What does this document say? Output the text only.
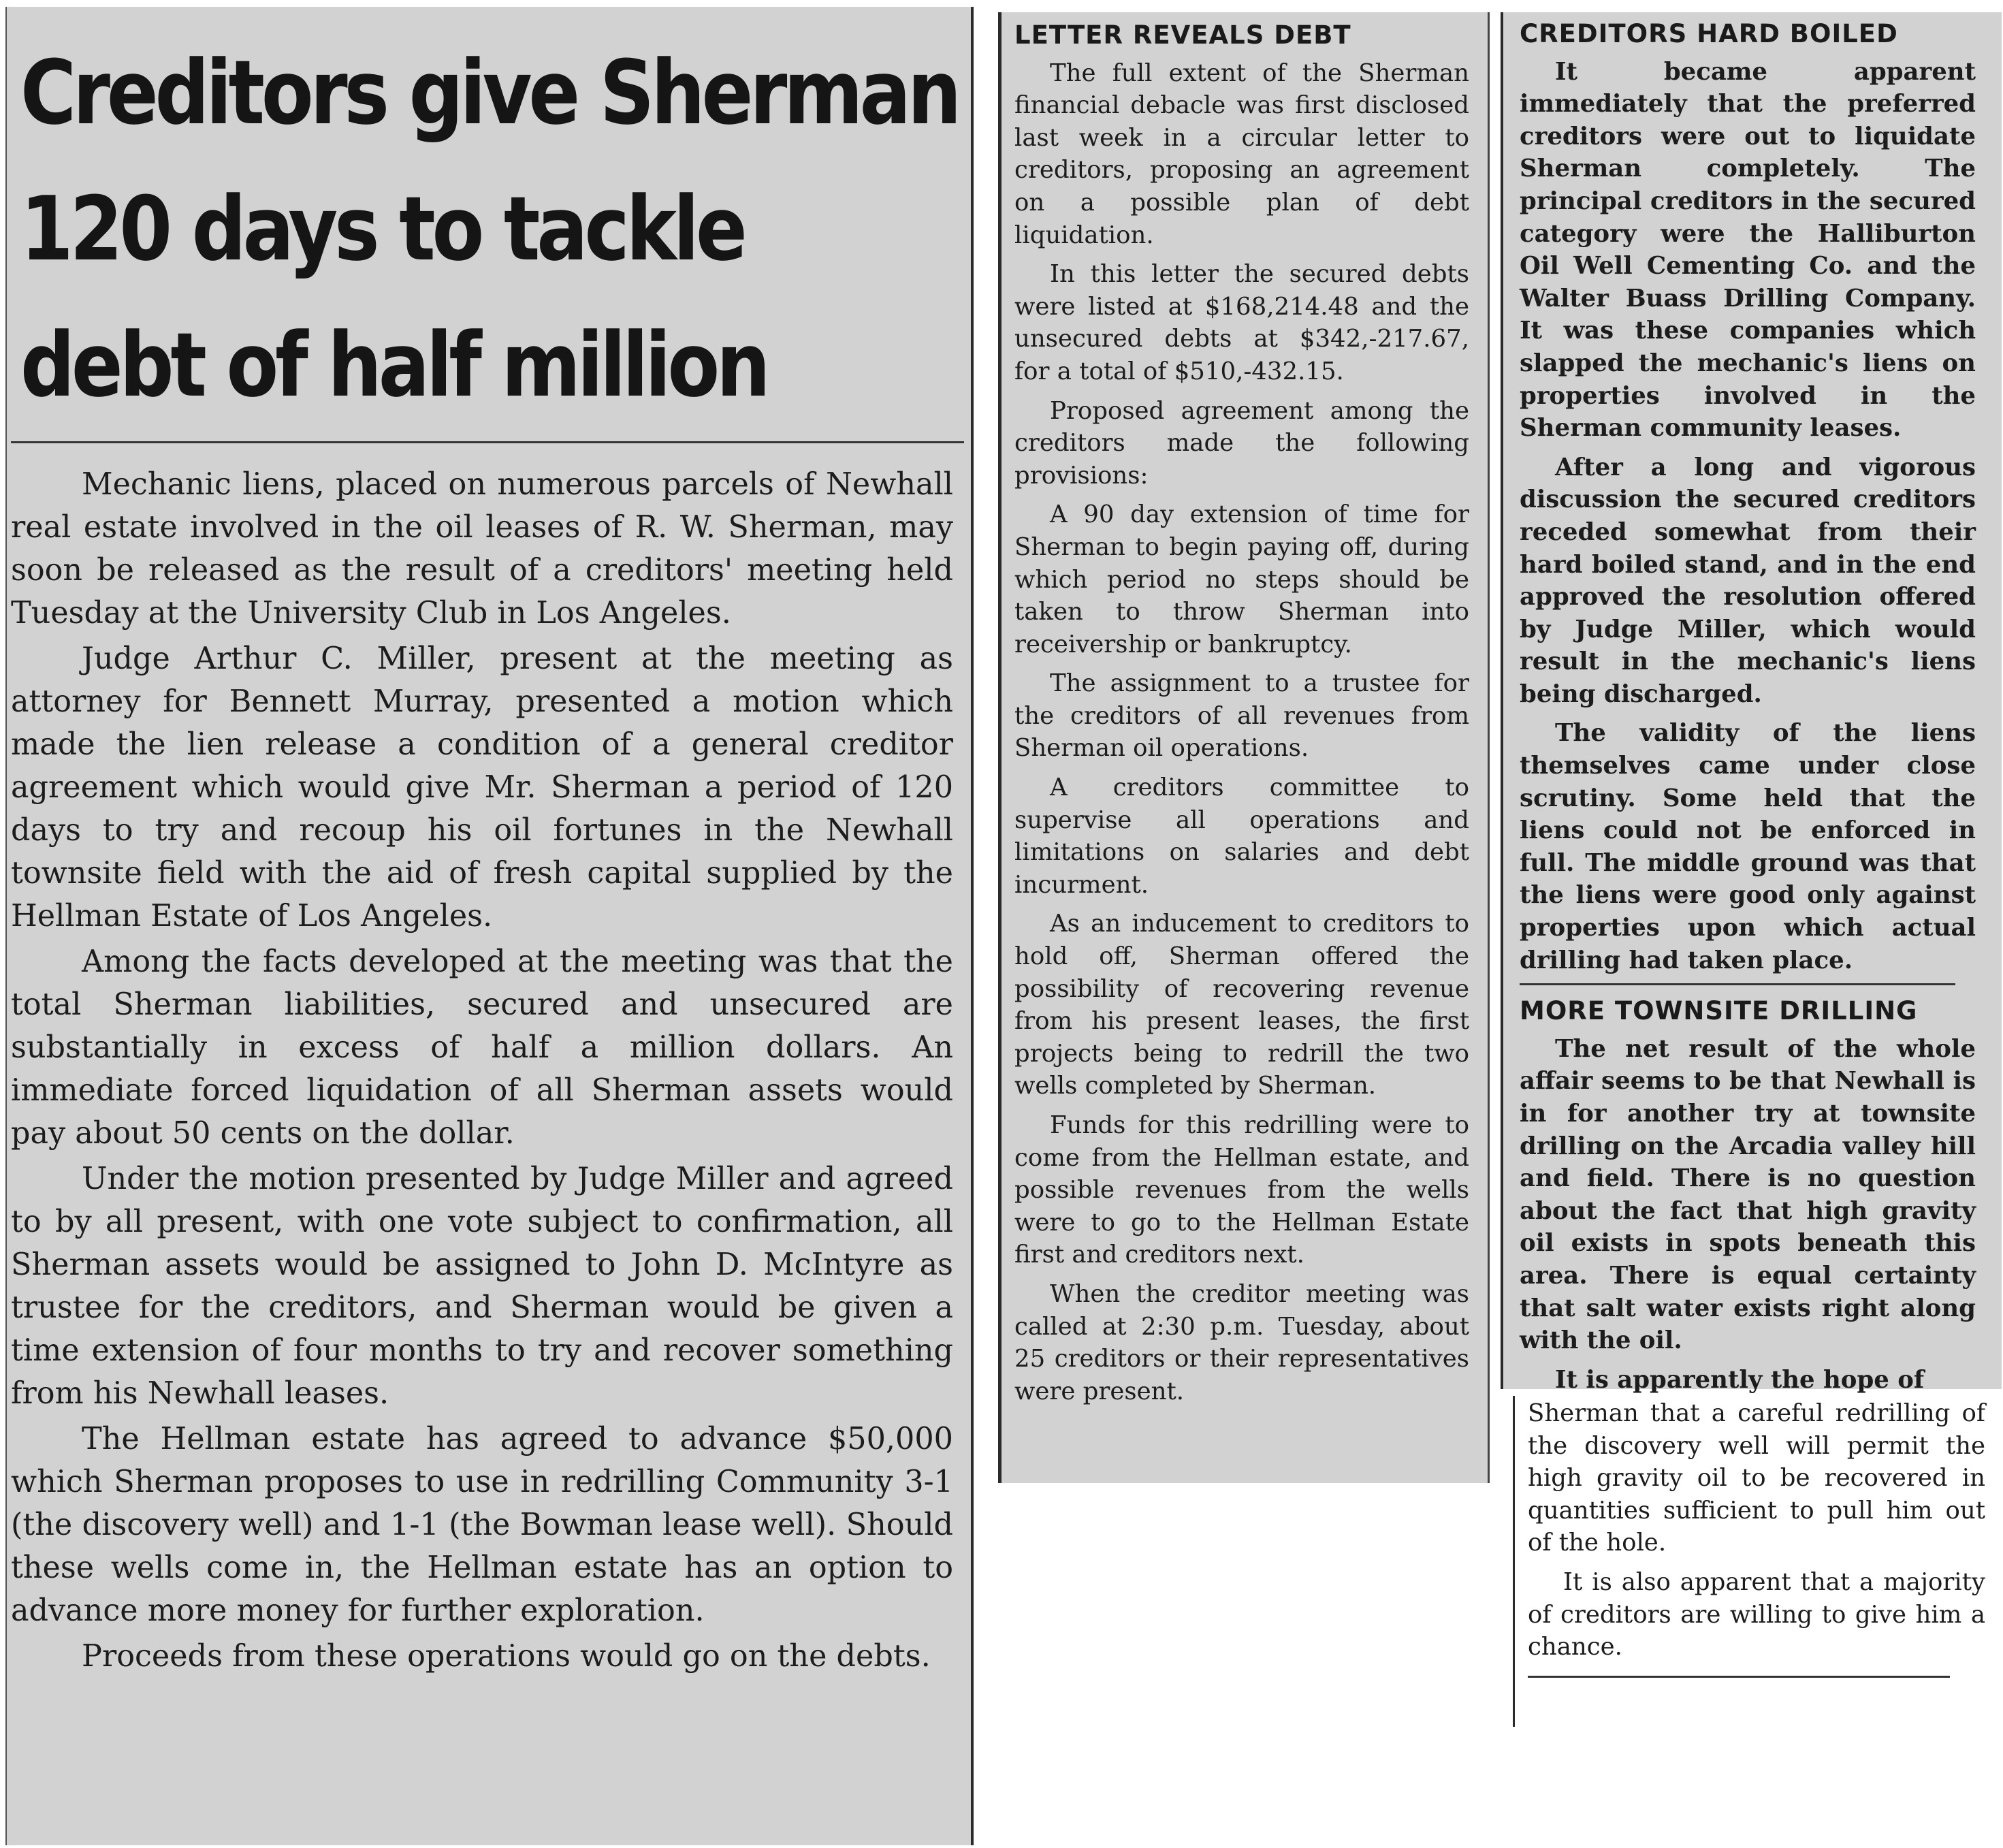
Creditors give Sherman
120 days to tackle
debt of half million

Mechanic liens, placed on numerous parcels of Newhall real estate involved in the oil leases of R. W. Sherman, may soon be released as the result of a creditors' meeting held Tuesday at the University Club in Los Angeles.

Judge Arthur C. Miller, present at the meeting as attorney for Bennett Murray, presented a motion which made the lien release a condition of a general creditor agreement which would give Mr. Sherman a period of 120 days to try and recoup his oil fortunes in the Newhall townsite field with the aid of fresh capital supplied by the Hellman Estate of Los Angeles.

Among the facts developed at the meeting was that the total Sherman liabilities, secured and unsecured are substantially in excess of half a million dollars. An immediate forced liquidation of all Sherman assets would pay about 50 cents on the dollar.

Under the motion presented by Judge Miller and agreed to by all present, with one vote subject to confirmation, all Sherman assets would be assigned to John D. McIntyre as trustee for the creditors, and Sherman would be given a time extension of four months to try and recover something from his Newhall leases.

The Hellman estate has agreed to advance $50,000 which Sherman proposes to use in redrilling Community 3-1 (the discovery well) and 1-1 (the Bowman lease well). Should these wells come in, the Hellman estate has an option to advance more money for further exploration.

Proceeds from these operations would go on the debts.

LETTER REVEALS DEBT

The full extent of the Sherman financial debacle was first disclosed last week in a circular letter to creditors, proposing an agreement on a possible plan of debt liquidation.

In this letter the secured debts were listed at $168,214.48 and the unsecured debts at $342,-217.67, for a total of $510,-432.15.

Proposed agreement among the creditors made the following provisions:

A 90 day extension of time for Sherman to begin paying off, during which period no steps should be taken to throw Sherman into receivership or bankruptcy.

The assignment to a trustee for the creditors of all revenues from Sherman oil operations.

A creditors committee to supervise all operations and limitations on salaries and debt incurment.

As an inducement to creditors to hold off, Sherman offered the possibility of recovering revenue from his present leases, the first projects being to redrill the two wells completed by Sherman.

Funds for this redrilling were to come from the Hellman estate, and possible revenues from the wells were to go to the Hellman Estate first and creditors next.

When the creditor meeting was called at 2:30 p.m. Tuesday, about 25 creditors or their representatives were present.

CREDITORS HARD BOILED

It became apparent immediately that the preferred creditors were out to liquidate Sherman completely. The principal creditors in the secured category were the Halliburton Oil Well Cementing Co. and the Walter Buass Drilling Company. It was these companies which slapped the mechanic's liens on properties involved in the Sherman community leases.

After a long and vigorous discussion the secured creditors receded somewhat from their hard boiled stand, and in the end approved the resolution offered by Judge Miller, which would result in the mechanic's liens being discharged.

The validity of the liens themselves came under close scrutiny. Some held that the liens could not be enforced in full. The middle ground was that the liens were good only against properties upon which actual drilling had taken place.

MORE TOWNSITE DRILLING

The net result of the whole affair seems to be that Newhall is in for another try at townsite drilling on the Arcadia valley hill and field. There is no question about the fact that high gravity oil exists in spots beneath this area. There is equal certainty that salt water exists right along with the oil.

It is apparently the hope of

Sherman that a careful redrilling of the discovery well will permit the high gravity oil to be recovered in quantities sufficient to pull him out of the hole.

It is also apparent that a majority of creditors are willing to give him a chance.
